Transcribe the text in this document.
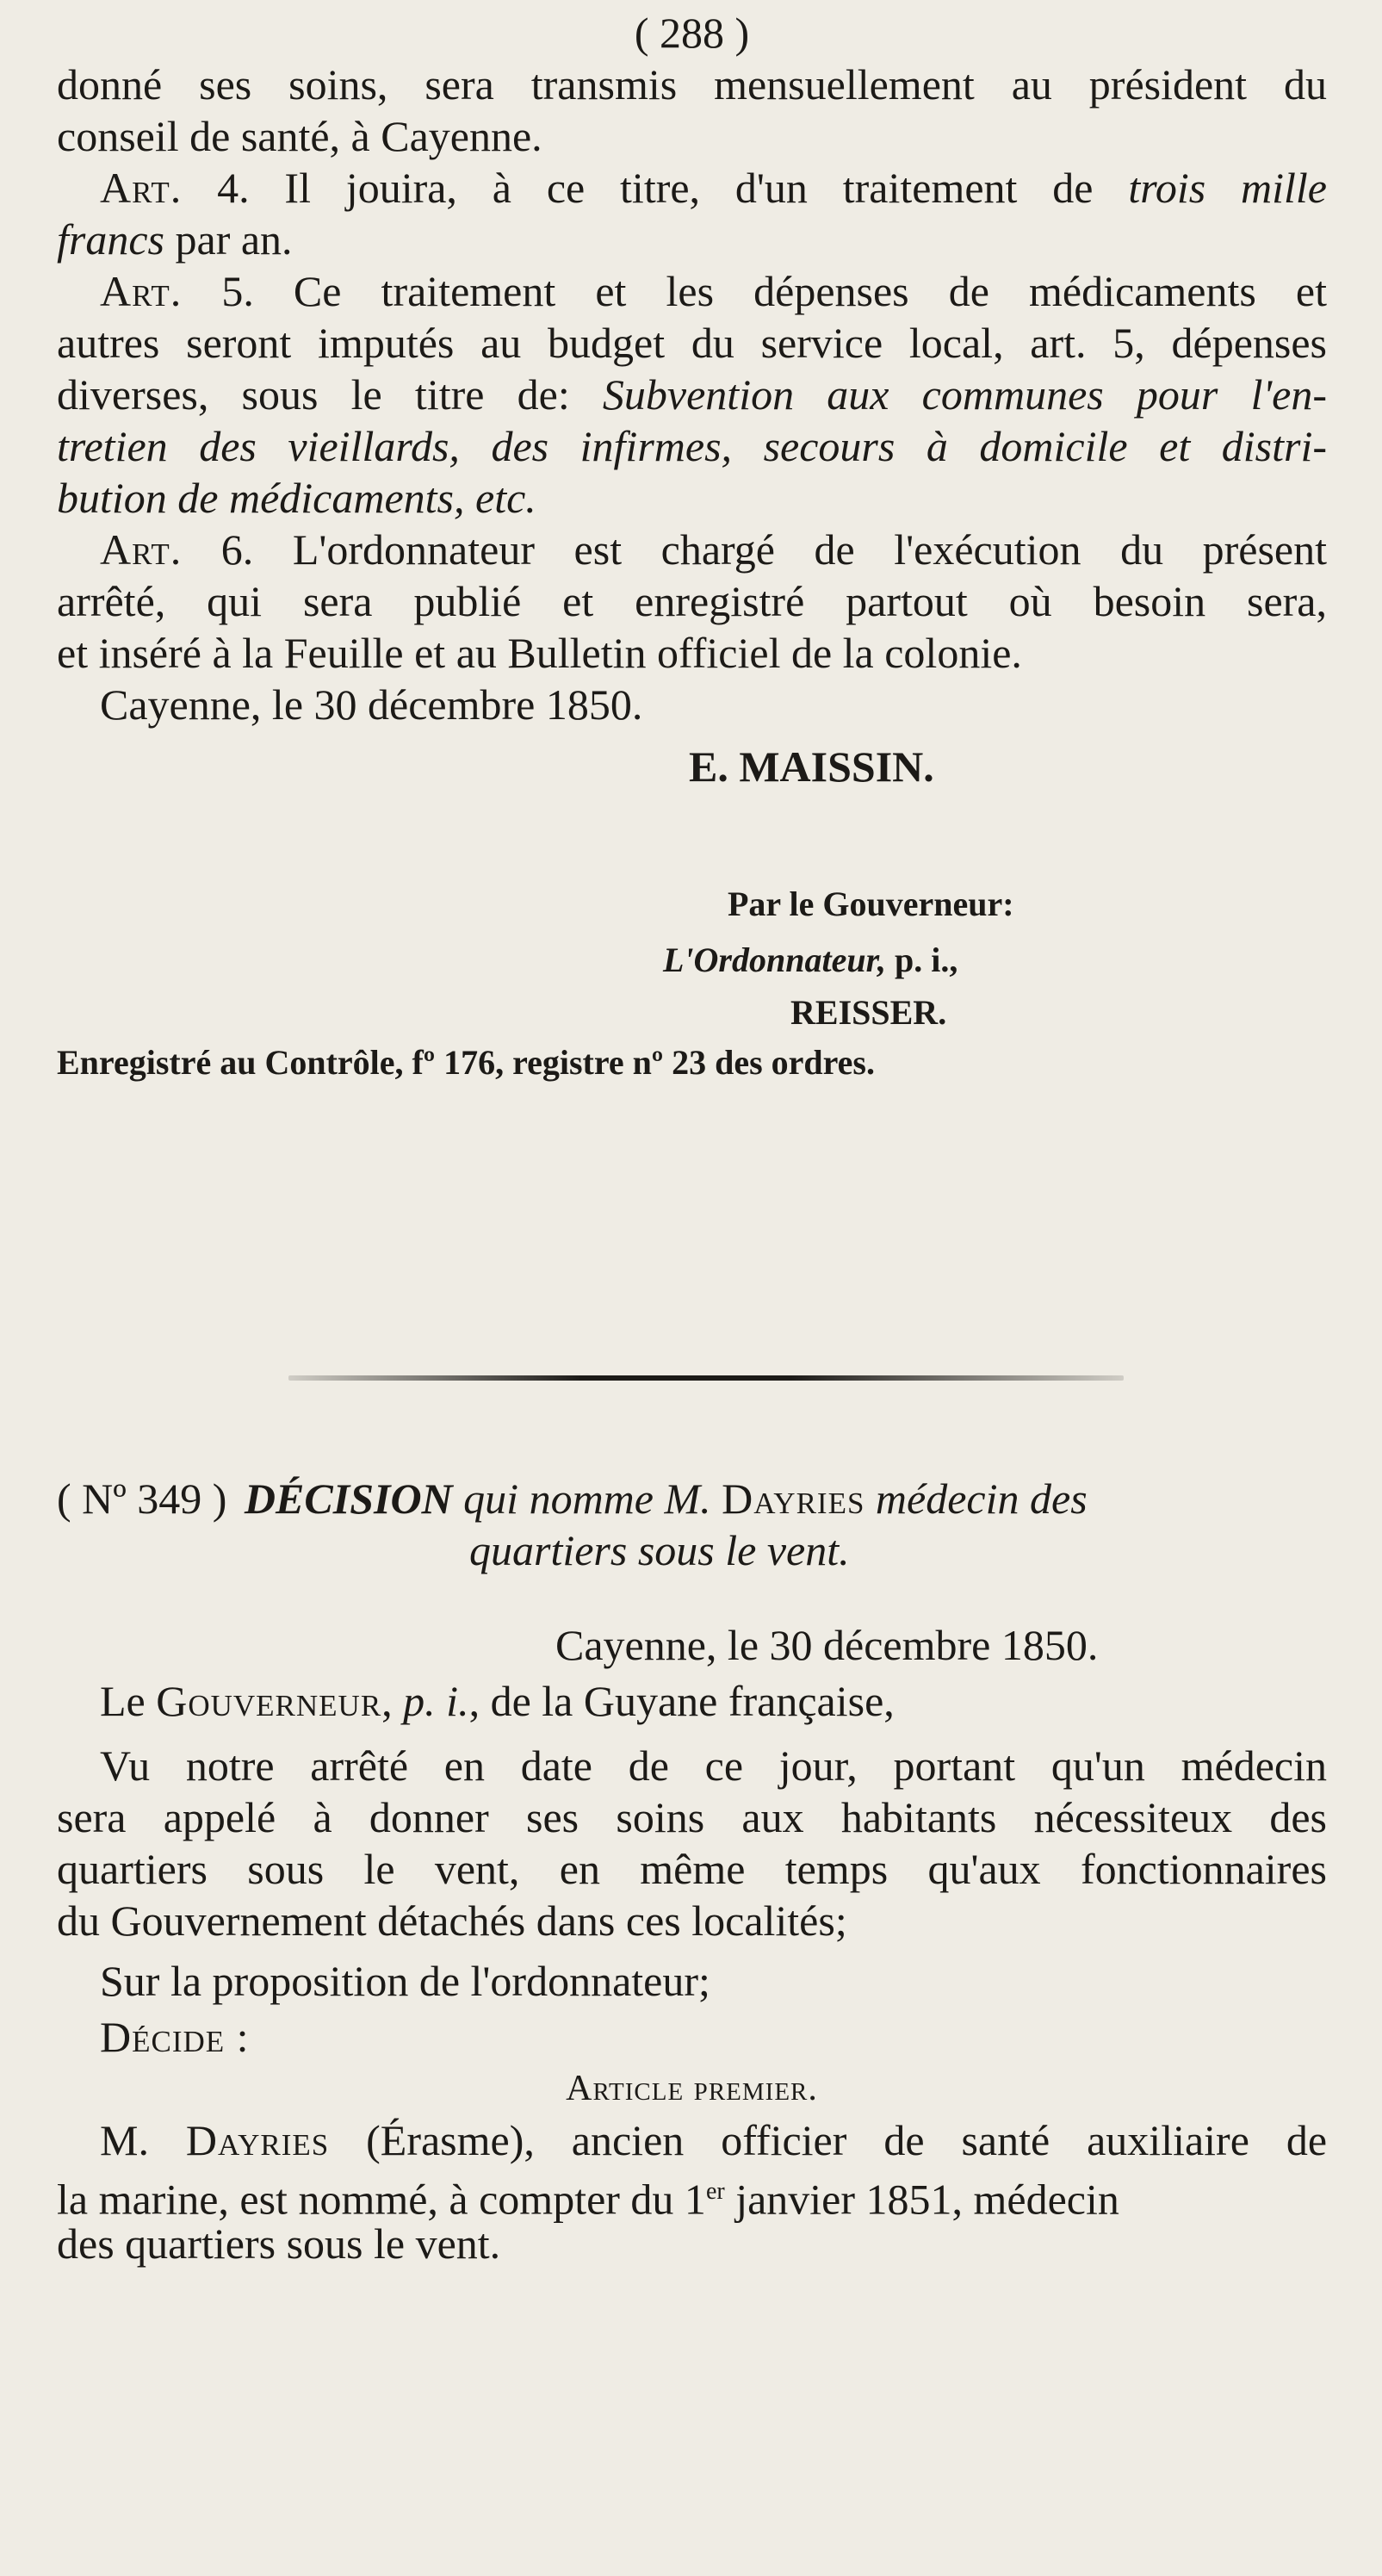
( 288 )
donné ses soins, sera transmis mensuellement au président du
conseil de santé, à Cayenne.
Art. 4. Il jouira, à ce titre, d'un traitement de trois mille
francs par an.
Art. 5. Ce traitement et les dépenses de médicaments et
autres seront imputés au budget du service local, art. 5, dépenses
diverses, sous le titre de: Subvention aux communes pour l'en-
tretien des vieillards, des infirmes, secours à domicile et distri-
bution de médicaments, etc.
Art. 6. L'ordonnateur est chargé de l'exécution du présent
arrêté, qui sera publié et enregistré partout où besoin sera,
et inséré à la Feuille et au Bulletin officiel de la colonie.
Cayenne, le 30 décembre 1850.
E. MAISSIN.
Par le Gouverneur:
L'Ordonnateur, p. i.,
REISSER.
Enregistré au Contrôle, fº 176, registre nº 23 des ordres.
( Nº 349 ) DÉCISION qui nomme M. Dayries médecin des
quartiers sous le vent.
Cayenne, le 30 décembre 1850.
Le Gouverneur, p. i., de la Guyane française,
Vu notre arrêté en date de ce jour, portant qu'un médecin
sera appelé à donner ses soins aux habitants nécessiteux des
quartiers sous le vent, en même temps qu'aux fonctionnaires
du Gouvernement détachés dans ces localités;
Sur la proposition de l'ordonnateur;
Décide :
Article premier.
M. Dayries (Érasme), ancien officier de santé auxiliaire de
la marine, est nommé, à compter du 1er janvier 1851, médecin
des quartiers sous le vent.
